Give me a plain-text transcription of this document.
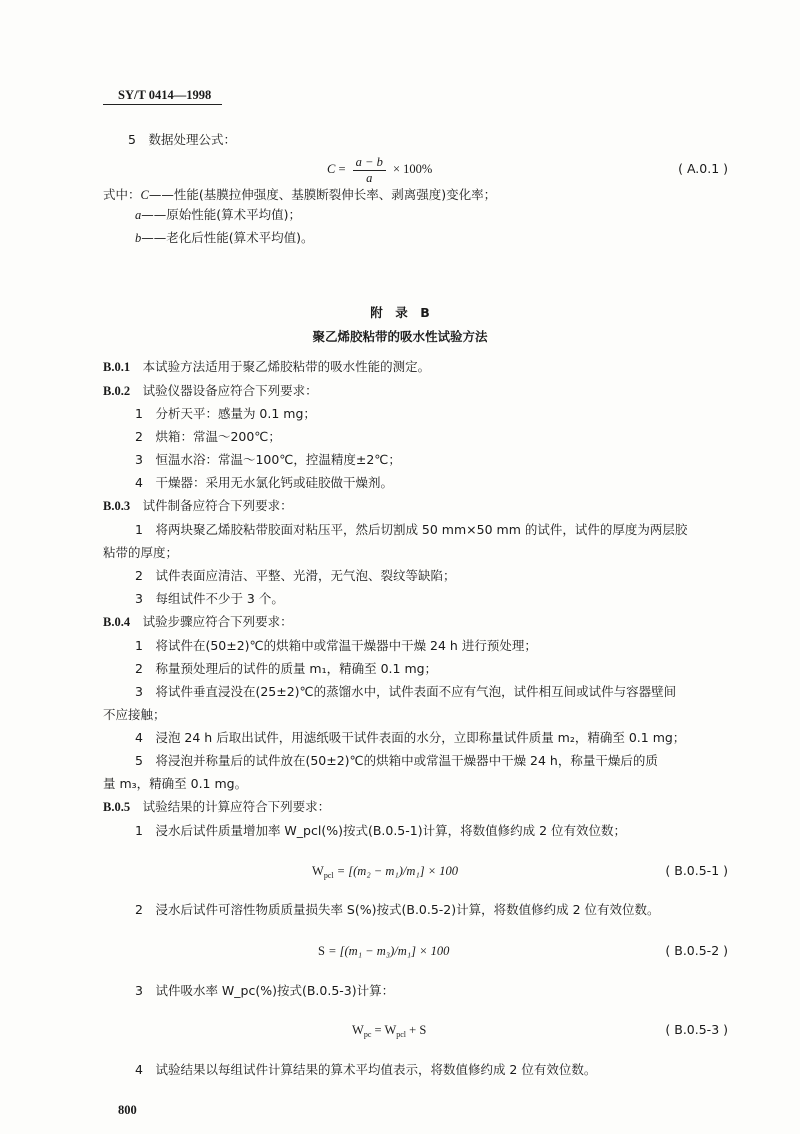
SY/T 0414—1998
5　数据处理公式：
$C = \frac{a - b}{a} \times 100\%$	( A.0.1 )
式中：C——性能(基膜拉伸强度、基膜断裂伸长率、剥离强度)变化率；
a——原始性能(算术平均值)；
b——老化后性能(算术平均值)。
附　录　B
聚乙烯胶粘带的吸水性试验方法
B.0.1　 本试验方法适用于聚乙烯胶粘带的吸水性能的测定。
B.0.2　 试验仪器设备应符合下列要求：
1　分析天平：感量为 0.1 mg；
2　烘箱：常温～200℃；
3　恒温水浴：常温～100℃，控温精度±2℃；
4　干燥器：采用无水氯化钙或硅胶做干燥剂。
B.0.3　 试件制备应符合下列要求：
1　将两块聚乙烯胶粘带胶面对粘压平，然后切割成 50 mm×50 mm 的试件，试件的厚度为两层胶
粘带的厚度；
2　试件表面应清洁、平整、光滑，无气泡、裂纹等缺陷；
3　每组试件不少于 3 个。
B.0.4　 试验步骤应符合下列要求：
1　将试件在(50±2)℃的烘箱中或常温干燥器中干燥 24 h 进行预处理；
2　称量预处理后的试件的质量 m₁，精确至 0.1 mg；
3　将试件垂直浸没在(25±2)℃的蒸馏水中，试件表面不应有气泡，试件相互间或试件与容器壁间
不应接触；
4　浸泡 24 h 后取出试件，用滤纸吸干试件表面的水分，立即称量试件质量 m₂，精确至 0.1 mg；
5　将浸泡并称量后的试件放在(50±2)℃的烘箱中或常温干燥器中干燥 24 h，称量干燥后的质
量 m₃，精确至 0.1 mg。
B.0.5　 试验结果的计算应符合下列要求：
1　浸水后试件质量增加率 W_pcl(%)按式(B.0.5-1)计算，将数值修约成 2 位有效位数；
$W_{pcl} = [(m_2 - m_1)/m_1] \times 100$	( B.0.5-1 )
2　浸水后试件可溶性物质质量损失率 S(%)按式(B.0.5-2)计算，将数值修约成 2 位有效位数。
S = [(m₁ − m₃)/m₁] × 100	( B.0.5-2 )
3　试件吸水率 W_pc(%)按式(B.0.5-3)计算：
$W_{pc} = W_{pcl} + S$	( B.0.5-3 )
4　试验结果以每组试件计算结果的算术平均值表示，将数值修约成 2 位有效位数。
800
